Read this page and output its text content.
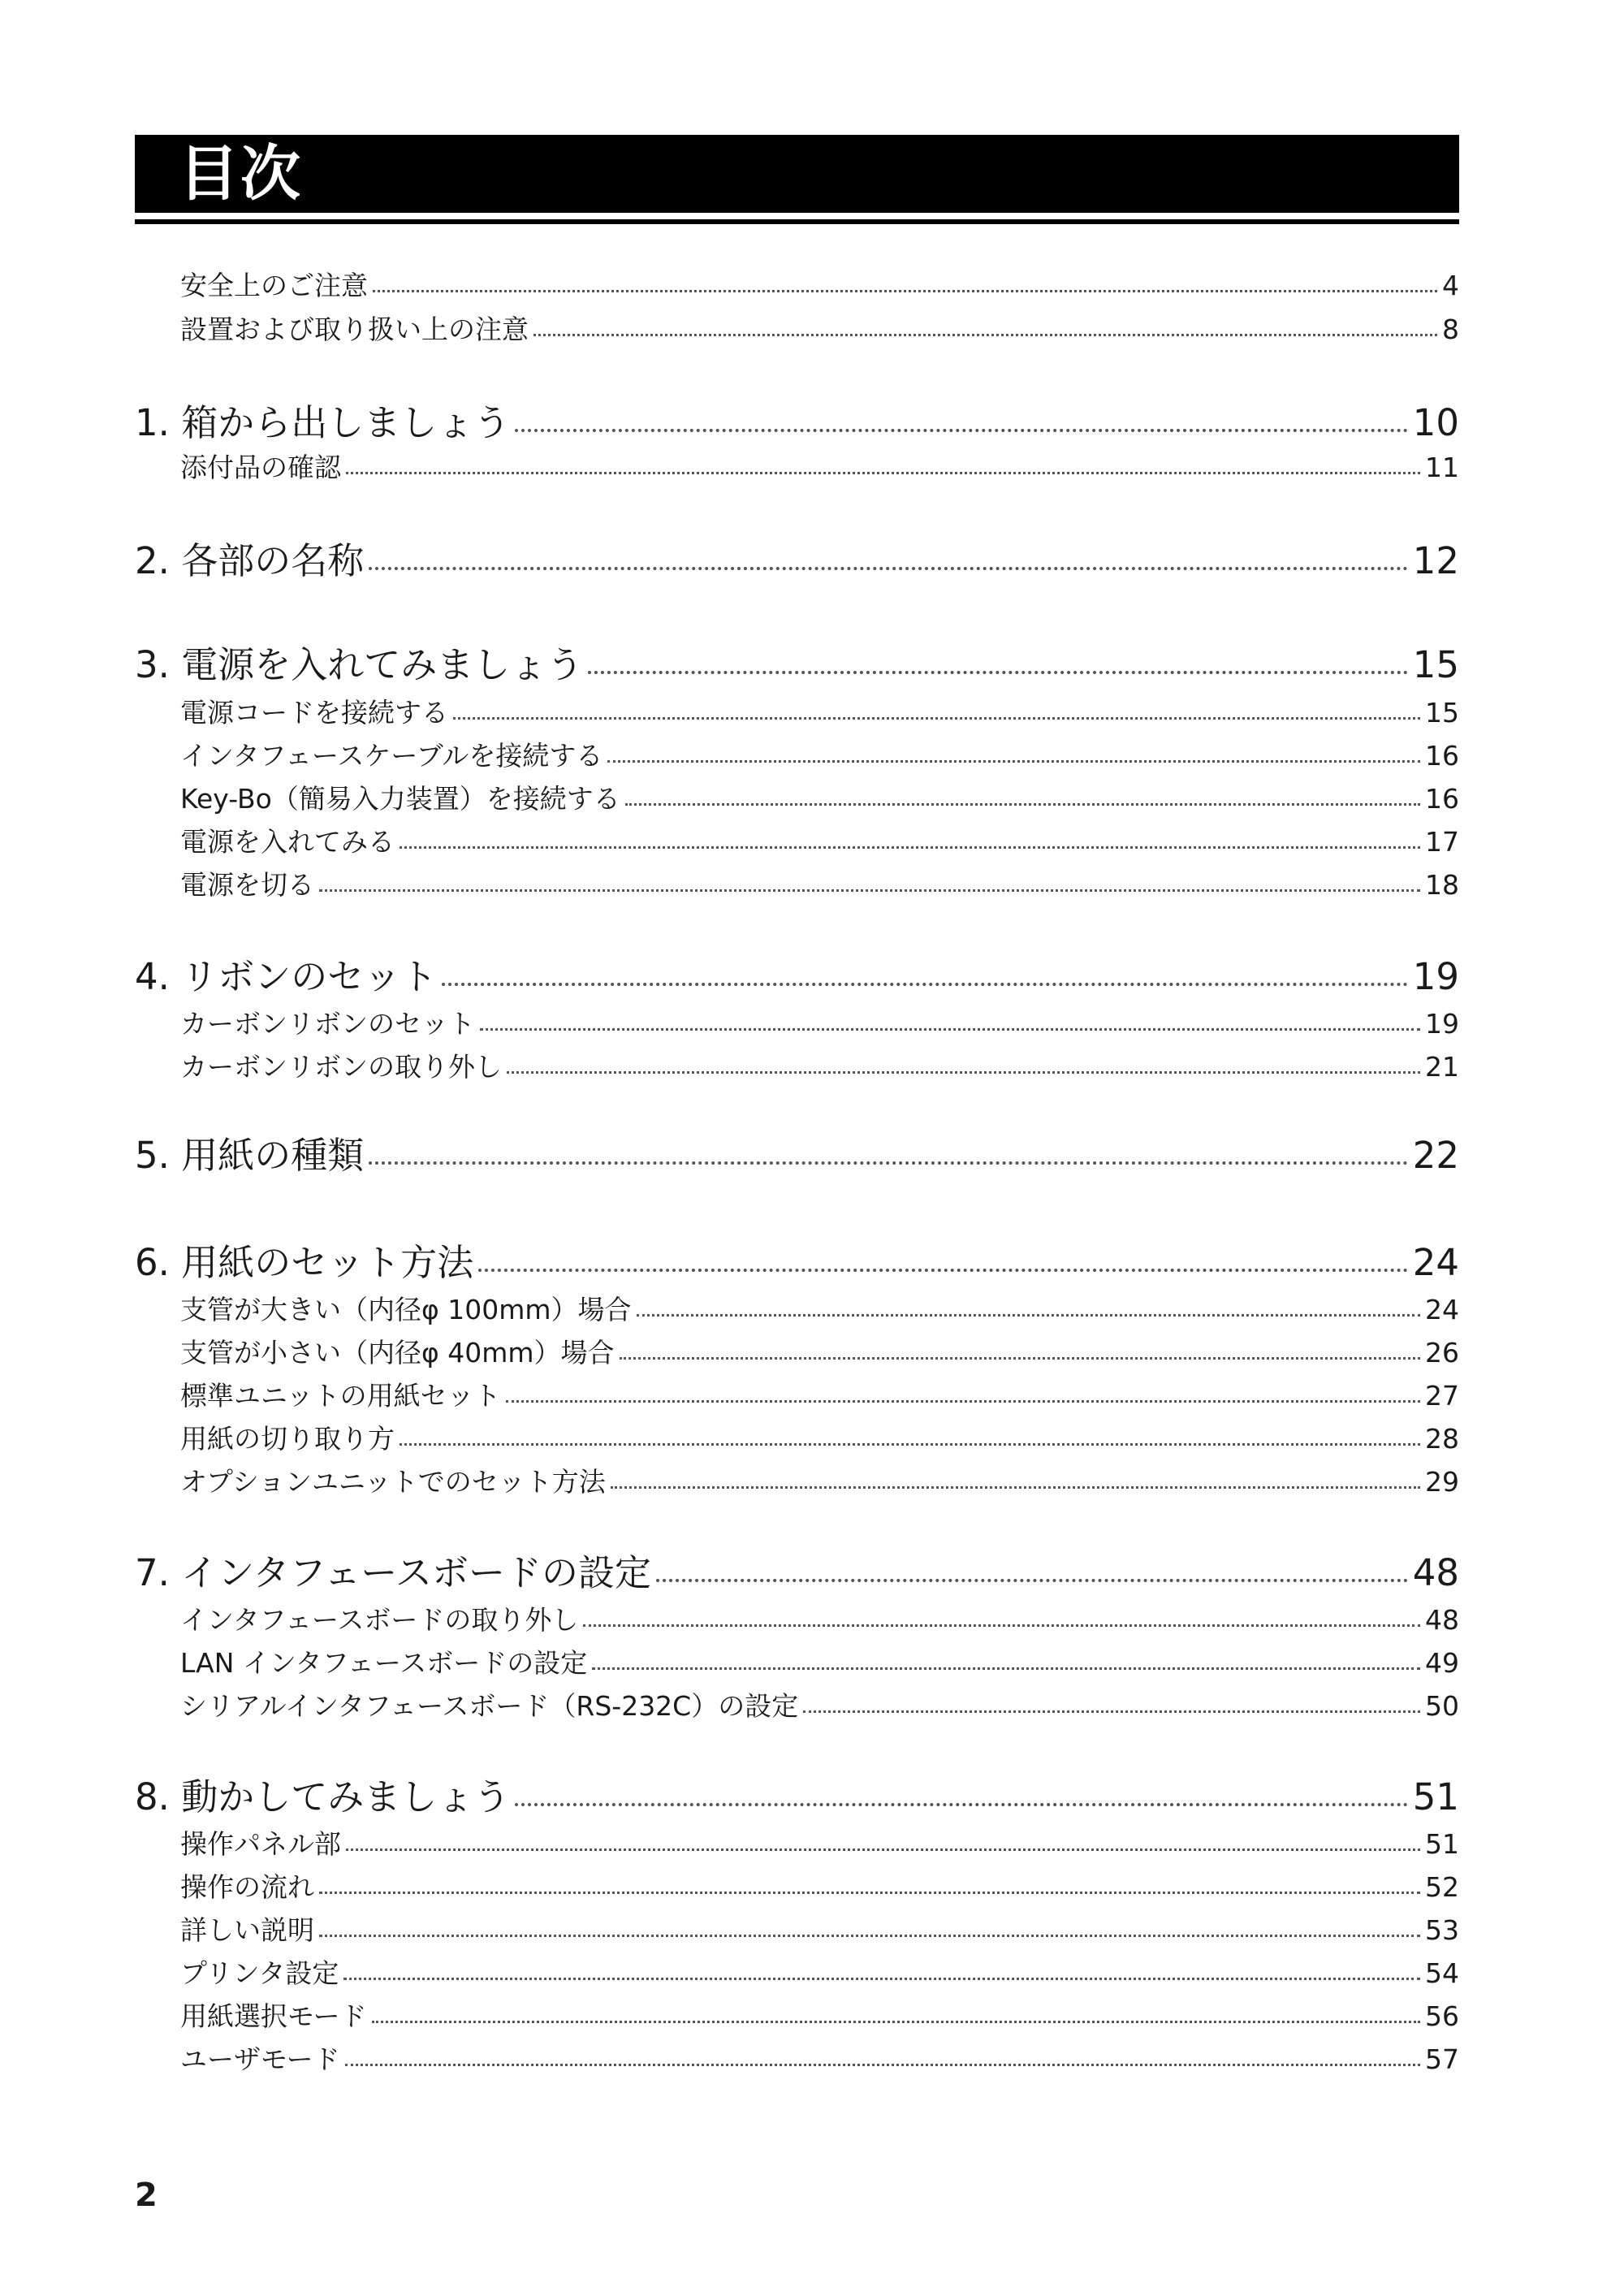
目次
安全上のご注意	4
設置および取り扱い上の注意	8
1. 箱から出しましょう	10
添付品の確認	11
2. 各部の名称	12
3. 電源を入れてみましょう	15
電源コードを接続する	15
インタフェースケーブルを接続する	16
Key-Bo（簡易入力装置）を接続する	16
電源を入れてみる	17
電源を切る	18
4. リボンのセット	19
カーボンリボンのセット	19
カーボンリボンの取り外し	21
5. 用紙の種類	22
6. 用紙のセット方法	24
支管が大きい（内径φ 100mm）場合	24
支管が小さい（内径φ 40mm）場合	26
標準ユニットの用紙セット	27
用紙の切り取り方	28
オプションユニットでのセット方法	29
7. インタフェースボードの設定	48
インタフェースボードの取り外し	48
LAN インタフェースボードの設定	49
シリアルインタフェースボード（RS-232C）の設定	50
8. 動かしてみましょう	51
操作パネル部	51
操作の流れ	52
詳しい説明	53
プリンタ設定	54
用紙選択モード	56
ユーザモード	57
2
